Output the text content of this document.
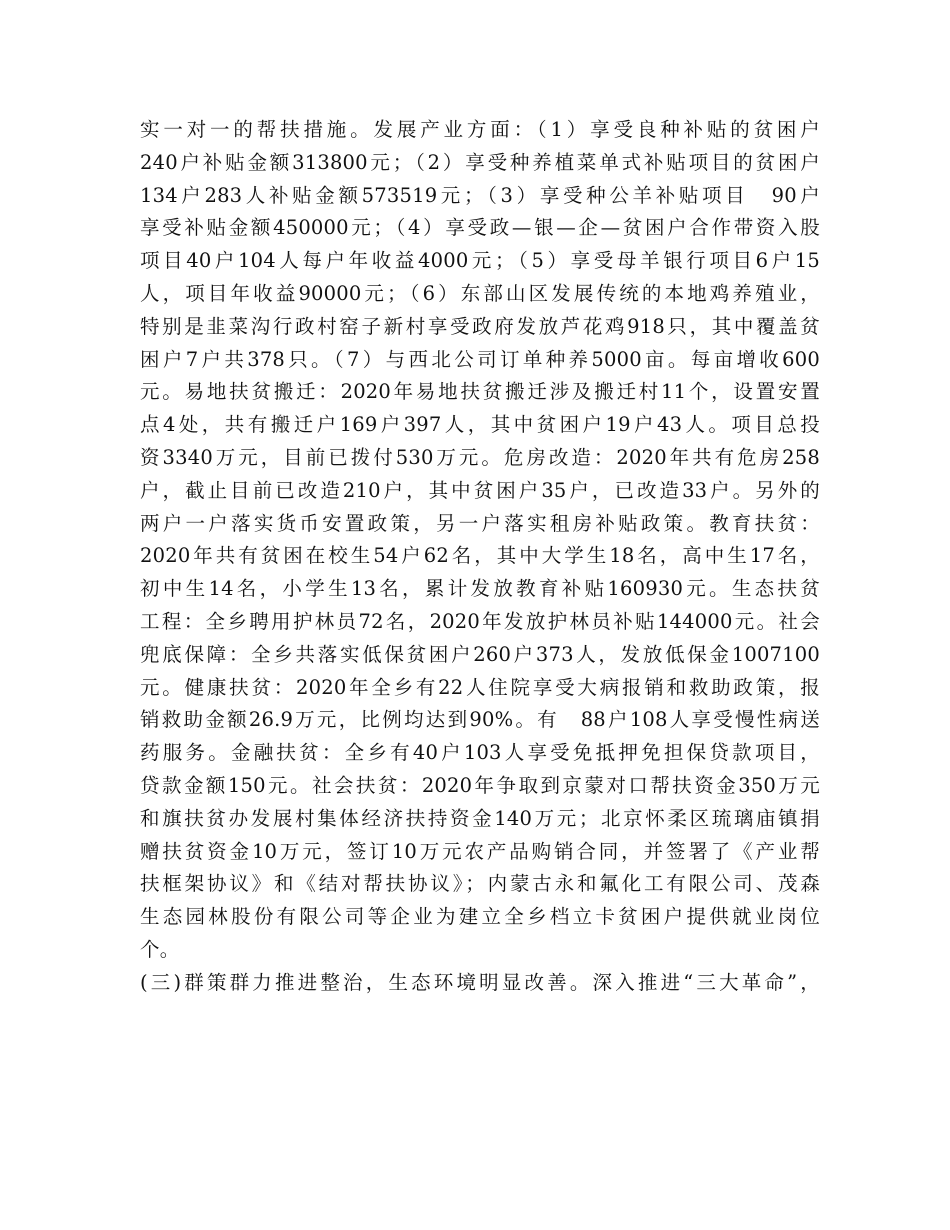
实一对一的帮扶措施。发展产业方面：（1）享受良种补贴的贫困户
240户补贴金额313800元；（2）享受种养植菜单式补贴项目的贫困户
134户283人补贴金额573519元；（3）享受种公羊补贴项目　90户
享受补贴金额450000元；（4）享受政—银—企—贫困户合作带资入股
项目40户104人每户年收益4000元；（5）享受母羊银行项目6户15
人，项目年收益90000元；（6）东部山区发展传统的本地鸡养殖业，
特别是韭菜沟行政村窑子新村享受政府发放芦花鸡918只，其中覆盖贫
困户7户共378只。（7）与西北公司订单种养5000亩。每亩增收600
元。易地扶贫搬迁：2020年易地扶贫搬迁涉及搬迁村11个，设置安置
点4处，共有搬迁户169户397人，其中贫困户19户43人。项目总投
资3340万元，目前已拨付530万元。危房改造：2020年共有危房258
户，截止目前已改造210户，其中贫困户35户，已改造33户。另外的
两户一户落实货币安置政策，另一户落实租房补贴政策。教育扶贫：
2020年共有贫困在校生54户62名，其中大学生18名，高中生17名，
初中生14名，小学生13名，累计发放教育补贴160930元。生态扶贫
工程：全乡聘用护林员72名，2020年发放护林员补贴144000元。社会
兜底保障：全乡共落实低保贫困户260户373人，发放低保金1007100
元。健康扶贫：2020年全乡有22人住院享受大病报销和救助政策，报
销救助金额26.9万元，比例均达到90%。有　88户108人享受慢性病送
药服务。金融扶贫：全乡有40户103人享受免抵押免担保贷款项目，
贷款金额150元。社会扶贫：2020年争取到京蒙对口帮扶资金350万元
和旗扶贫办发展村集体经济扶持资金140万元；北京怀柔区琉璃庙镇捐
赠扶贫资金10万元，签订10万元农产品购销合同，并签署了《产业帮
扶框架协议》和《结对帮扶协议》；内蒙古永和氟化工有限公司、茂森
生态园林股份有限公司等企业为建立全乡档立卡贫困户提供就业岗位
个。
(三)群策群力推进整治，生态环境明显改善。深入推进“三大革命”，
